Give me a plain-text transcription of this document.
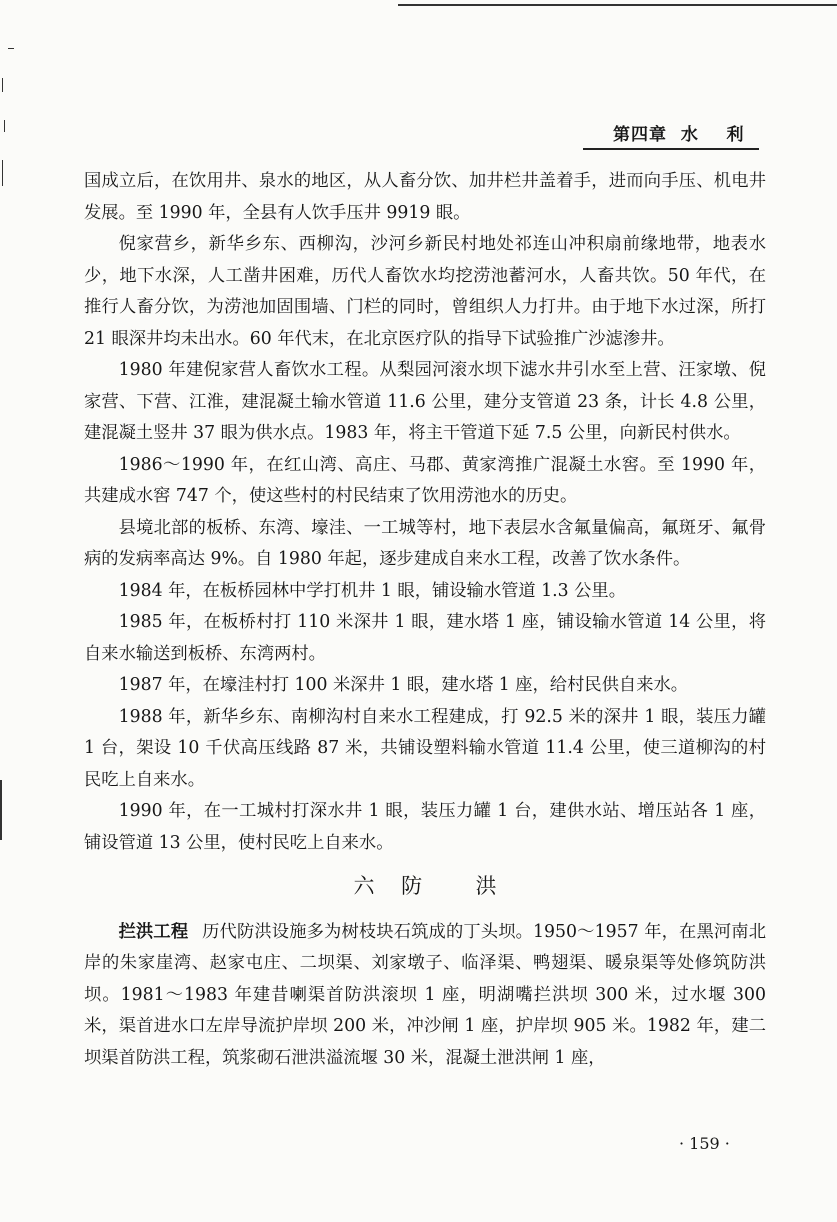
第四章  水    利

国成立后，在饮用井、泉水的地区，从人畜分饮、加井栏井盖着手，进而向手压、机电井发展。至 1990 年，全县有人饮手压井 9919 眼。

倪家营乡，新华乡东、西柳沟，沙河乡新民村地处祁连山冲积扇前缘地带，地表水少，地下水深，人工凿井困难，历代人畜饮水均挖涝池蓄河水，人畜共饮。50 年代，在推行人畜分饮，为涝池加固围墙、门栏的同时，曾组织人力打井。由于地下水过深，所打 21 眼深井均未出水。60 年代末，在北京医疗队的指导下试验推广沙滤渗井。

1980 年建倪家营人畜饮水工程。从梨园河滚水坝下滤水井引水至上营、汪家墩、倪家营、下营、江淮，建混凝土输水管道 11.6 公里，建分支管道 23 条，计长 4.8 公里，建混凝土竖井 37 眼为供水点。1983 年，将主干管道下延 7.5 公里，向新民村供水。

1986～1990 年，在红山湾、高庄、马郡、黄家湾推广混凝土水窖。至 1990 年，共建成水窖 747 个，使这些村的村民结束了饮用涝池水的历史。

县境北部的板桥、东湾、壕洼、一工城等村，地下表层水含氟量偏高，氟斑牙、氟骨病的发病率高达 9%。自 1980 年起，逐步建成自来水工程，改善了饮水条件。

1984 年，在板桥园林中学打机井 1 眼，铺设输水管道 1.3 公里。

1985 年，在板桥村打 110 米深井 1 眼，建水塔 1 座，铺设输水管道 14 公里，将自来水输送到板桥、东湾两村。

1987 年，在壕洼村打 100 米深井 1 眼，建水塔 1 座，给村民供自来水。

1988 年，新华乡东、南柳沟村自来水工程建成，打 92.5 米的深井 1 眼，装压力罐 1 台，架设 10 千伏高压线路 87 米，共铺设塑料输水管道 11.4 公里，使三道柳沟的村民吃上自来水。

1990 年，在一工城村打深水井 1 眼，装压力罐 1 台，建供水站、增压站各 1 座，铺设管道 13 公里，使村民吃上自来水。

六    防        洪

拦洪工程 历代防洪设施多为树枝块石筑成的丁头坝。1950～1957 年，在黑河南北岸的朱家崖湾、赵家屯庄、二坝渠、刘家墩子、临泽渠、鸭翅渠、暖泉渠等处修筑防洪坝。1981～1983 年建昔喇渠首防洪滚坝 1 座，明湖嘴拦洪坝 300 米，过水堰 300 米，渠首进水口左岸导流护岸坝 200 米，冲沙闸 1 座，护岸坝 905 米。1982 年，建二坝渠首防洪工程，筑浆砌石泄洪溢流堰 30 米，混凝土泄洪闸 1 座，

· 159 ·
